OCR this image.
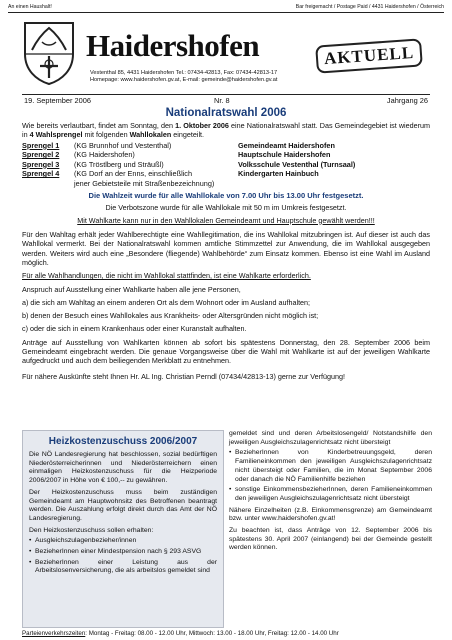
An einen Haushalt!	Bar freigemacht / Postage Paid / 4431 Haidershofen / Österreich
Haidershofen	AKTUELL
Vestenthal 85, 4431 Haidershofen Tel.: 07434-42813, Fax: 07434-42813-17
Homepage: www.haidershofen.gv.at, E-mail: gemeinde@haidershofen.gv.at
19. September 2006	Nr. 8	Jahrgang 26
Nationalratswahl 2006
Wie bereits verlautbart, findet am Sonntag, den 1. Oktober 2006 eine Nationalratswahl statt. Das Gemeindegebiet ist wiederum in 4 Wahlsprengel mit folgenden Wahllokalen eingeteilt.
Sprengel 1 (KG Brunnhof und Vestenthal)	Gemeindeamt Haidershofen
Sprengel 2 (KG Haidershofen)	Hauptschule Haidershofen
Sprengel 3 (KG Tröstlberg und Sträußl)	Volksschule Vestenthal (Turnsaal)
Sprengel 4 (KG Dorf an der Enns, einschließlich	Kindergarten Hainbuch
jener Gebietsteile mit Straßenbezeichnung)
Die Wahlzeit wurde für alle Wahllokale von 7.00 Uhr bis 13.00 Uhr festgesetzt.
Die Verbotszone wurde für alle Wahllokale mit 50 m im Umkreis festgesetzt.
Mit Wahlkarte kann nur in den Wahllokalen Gemeindeamt und Hauptschule gewählt werden!!!
Für den Wahltag erhält jeder Wahlberechtigte eine Wahllegitimation, die ins Wahllokal mitzubringen ist. Auf dieser ist auch das Wahllokal vermerkt. Bei der Nationalratswahl kommen amtliche Stimmzettel zur Anwendung, die im Wahllokal ausgegeben werden. Weiters wird auch eine „Besondere (fliegende) Wahlbehörde“ zum Einsatz kommen. Ebenso ist eine Wahl im Ausland möglich.
Für alle Wahlhandlungen, die nicht im Wahllokal stattfinden, ist eine Wahlkarte erforderlich.
Anspruch auf Ausstellung einer Wahlkarte haben alle jene Personen,
a) die sich am Wahltag an einem anderen Ort als dem Wohnort oder im Ausland aufhalten;
b) denen der Besuch eines Wahllokales aus Krankheits- oder Altersgründen nicht möglich ist;
c) oder die sich in einem Krankenhaus oder einer Kuranstalt aufhalten.
Anträge auf Ausstellung von Wahlkarten können ab sofort bis spätestens Donnerstag, den 28. September 2006 beim Gemeindeamt eingebracht werden. Die genaue Vorgangsweise über die Wahl mit Wahlkarte ist auf der jeweiligen Wahlkarte aufgedruckt und auch dem beiliegenden Merkblatt zu entnehmen.
Für nähere Auskünfte steht Ihnen Hr. AL Ing. Christian Perndl (07434/42813-13) gerne zur Verfügung!
Heizkostenzuschuss 2006/2007
Die NÖ Landesregierung hat beschlossen, sozial bedürftigen Niederösterreicherinnen und Niederösterreichern einen einmaligen Heizkostenzuschuss für die Heizperiode 2006/2007 in Höhe von € 100,-- zu gewähren.
Der Heizkostenzuschuss muss beim zuständigen Gemeindeamt am Hauptwohnsitz des Betroffenen beantragt werden. Die Auszahlung erfolgt direkt durch das Amt der NÖ Landesregierung.
Den Heizkostenzuschuss sollen erhalten:
• Ausgleichszulagenbezieher/innen
• BezieherInnen einer Mindestpension nach § 293 ASVG
• BezieherInnen einer Leistung aus der Arbeitslosenversicherung, die als arbeitslos gemeldet sind
gemeldet sind und deren Arbeitslosengeld/ Notstandshilfe den jeweiligen Ausgleichszulagenrichtsatz nicht übersteigt
• BezieherInnen von Kinderbetreuungsgeld, deren Familieneinkommen den jeweiligen Ausgleichszulagenrichtsatz nicht übersteigt oder Familien, die im Monat September 2006 oder danach die NÖ Familienhilfe beziehen
• sonstige EinkommensbezieherInnen, deren Familieneinkommen den jeweiligen Ausgleichszulagenrichtsatz nicht übersteigt
Nähere Einzelheiten (z.B. Einkommensgrenze) am Gemeindeamt bzw. unter www.haidershofen.gv.at!
Zu beachten ist, dass Anträge von 12. September 2006 bis spätestens 30. April 2007 (einlangend) bei der Gemeinde gestellt werden können.
Parteienverkehrszeiten: Montag - Freitag: 08.00 - 12.00 Uhr, Mittwoch: 13.00 - 18.00 Uhr, Freitag: 12.00 - 14.00 Uhr
